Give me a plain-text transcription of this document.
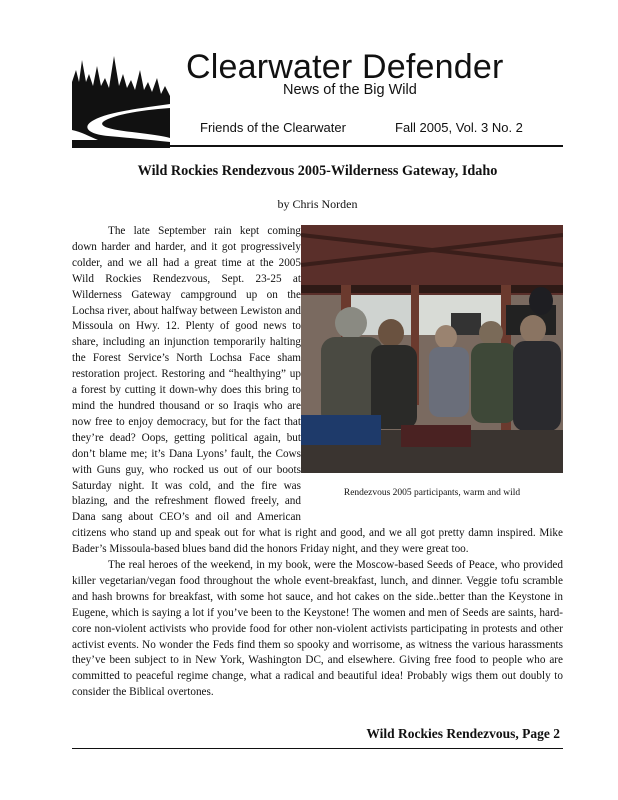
Clearwater Defender
News of the Big Wild
Friends of the Clearwater	Fall 2005, Vol. 3 No. 2
Wild Rockies Rendezvous 2005-Wilderness Gateway, Idaho
by Chris Norden
Rendezvous 2005 participants, warm and wild

The late September rain kept coming down harder and harder, and it got progressively colder, and we all had a great time at the 2005 Wild Rockies Rendezvous, Sept. 23-25 at Wilderness Gateway campground up on the Lochsa river, about halfway between Lewiston and Missoula on Hwy. 12. Plenty of good news to share, including an injunction temporarily halting the Forest Service’s North Lochsa Face sham restoration project. Restoring and “healthying” up a forest by cutting it down-why does this bring to mind the hundred thousand or so Iraqis who are now free to enjoy democracy, but for the fact that they’re dead? Oops, getting political again, but don’t blame me; it’s Dana Lyons’ fault, the Cows with Guns guy, who rocked us out of our boots Saturday night. It was cold, and the fire was blazing, and the refreshment flowed freely, and Dana sang about CEO’s and oil and American citizens who stand up and speak out for what is right and good, and we all got pretty damn inspired. Mike Bader’s Missoula-based blues band did the honors Friday night, and they were great too.

The real heroes of the weekend, in my book, were the Moscow-based Seeds of Peace, who provided killer vegetarian/vegan food throughout the whole event-breakfast, lunch, and dinner. Veggie tofu scramble and hash browns for breakfast, with some hot sauce, and hot cakes on the side..better than the Keystone in Eugene, which is saying a lot if you’ve been to the Keystone! The women and men of Seeds are saints, hard-core non-violent activists who provide food for other non-violent activists participating in protests and other activist events. No wonder the Feds find them so spooky and worrisome, as witness the various harassments they’ve been subject to in New York, Washington DC, and elsewhere. Giving free food to people who are committed to peaceful regime change, what a radical and beautiful idea! Probably wigs them out doubly to consider the Biblical overtones.

Wild Rockies Rendezvous, Page 2
